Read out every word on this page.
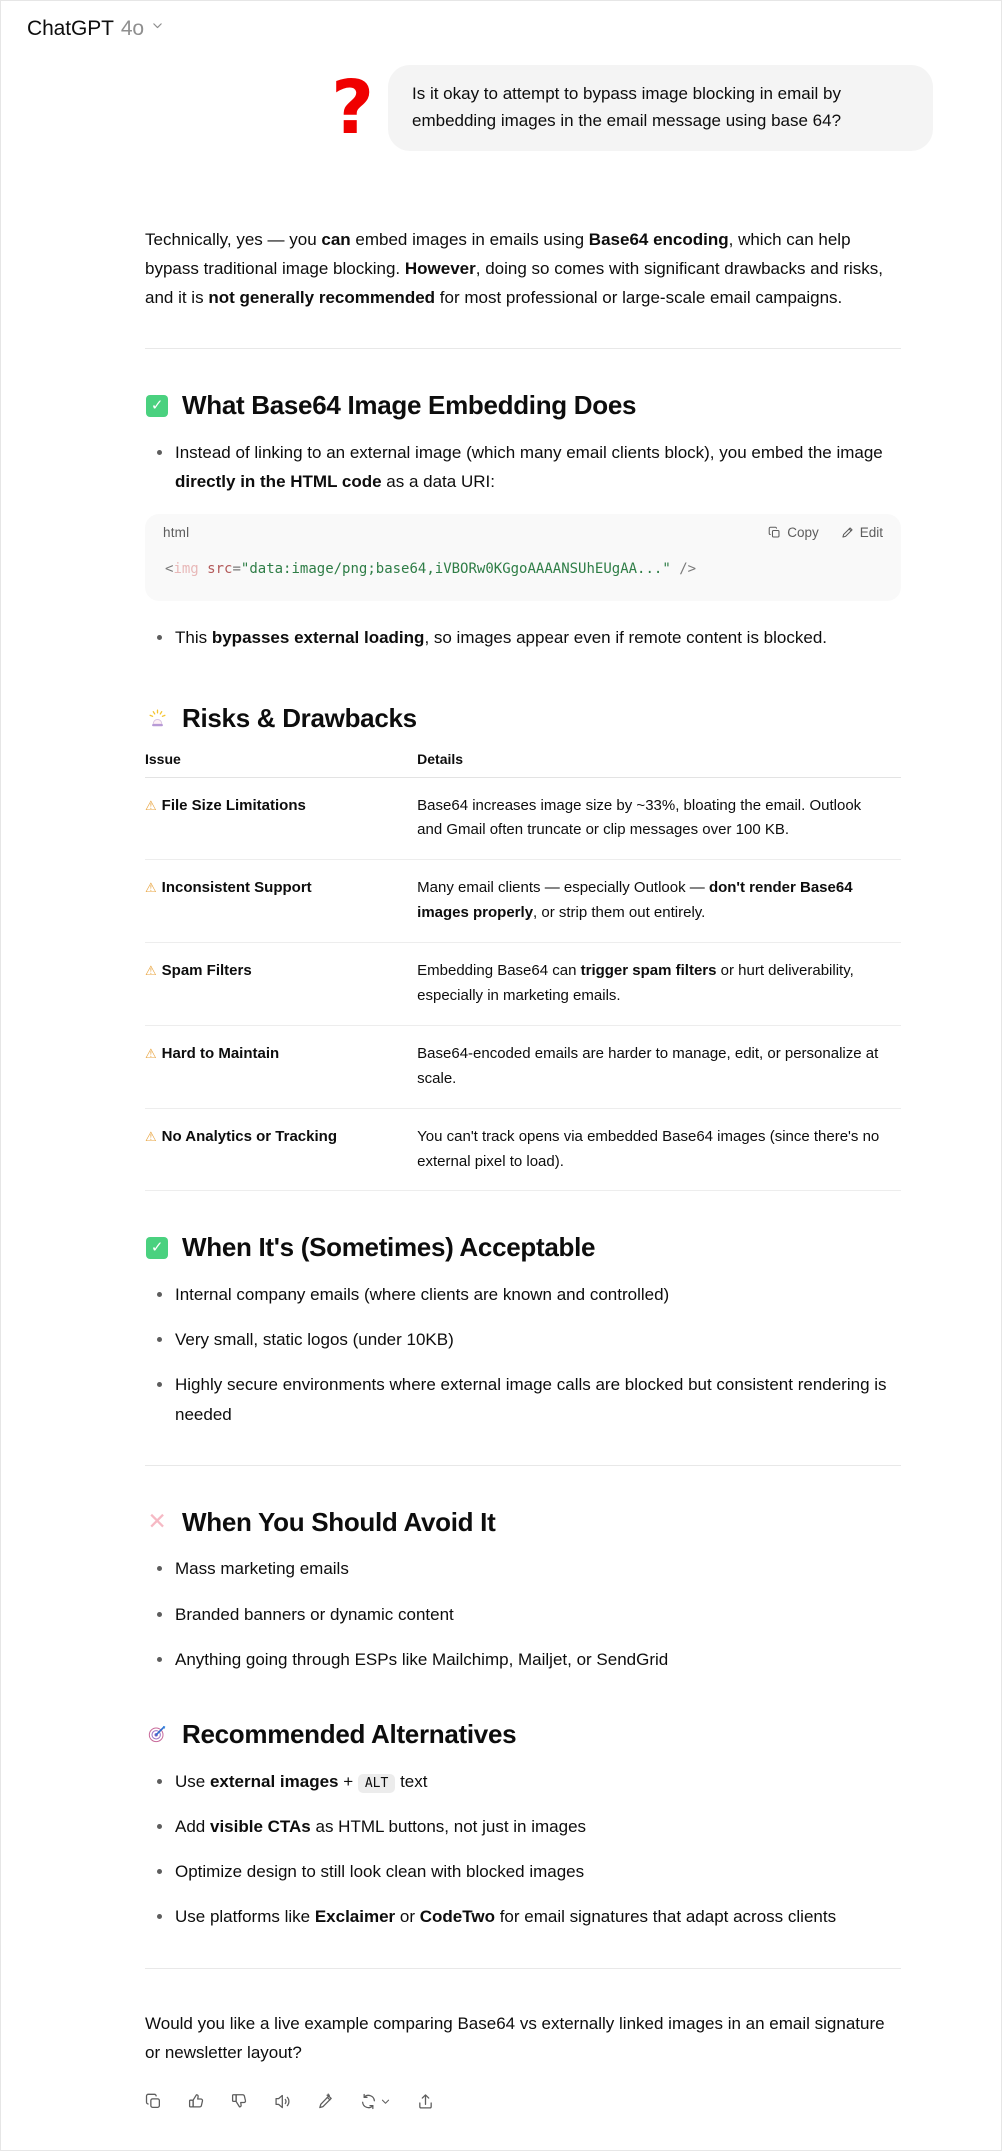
ChatGPT 4o
?	Is it okay to attempt to bypass image blocking in email by embedding images in the email message using base 64?

Technically, yes — you can embed images in emails using Base64 encoding, which can help bypass traditional image blocking. However, doing so comes with significant drawbacks and risks, and it is not generally recommended for most professional or large-scale email campaigns.

✓ What Base64 Image Embedding Does
Instead of linking to an external image (which many email clients block), you embed the image directly in the HTML code as a data URI:
html	Copy	Edit
<img src="data:image/png;base64,iVBORw0KGgoAAAANSUhEUgAA..." />
This bypasses external loading, so images appear even if remote content is blocked.
Risks & Drawbacks
Issue	Details
⚠ File Size Limitations	Base64 increases image size by ~33%, bloating the email. Outlook and Gmail often truncate or clip messages over 100 KB.
⚠ Inconsistent Support	Many email clients — especially Outlook — don't render Base64 images properly, or strip them out entirely.
⚠ Spam Filters	Embedding Base64 can trigger spam filters or hurt deliverability, especially in marketing emails.
⚠ Hard to Maintain	Base64-encoded emails are harder to manage, edit, or personalize at scale.
⚠ No Analytics or Tracking	You can't track opens via embedded Base64 images (since there's no external pixel to load).
✓ When It's (Sometimes) Acceptable
Internal company emails (where clients are known and controlled)
Very small, static logos (under 10KB)
Highly secure environments where external image calls are blocked but consistent rendering is needed
✕ When You Should Avoid It
Mass marketing emails
Branded banners or dynamic content
Anything going through ESPs like Mailchimp, Mailjet, or SendGrid
Recommended Alternatives
Use external images + ALT text
Add visible CTAs as HTML buttons, not just in images
Optimize design to still look clean with blocked images
Use platforms like Exclaimer or CodeTwo for email signatures that adapt across clients

Would you like a live example comparing Base64 vs externally linked images in an email signature or newsletter layout?
